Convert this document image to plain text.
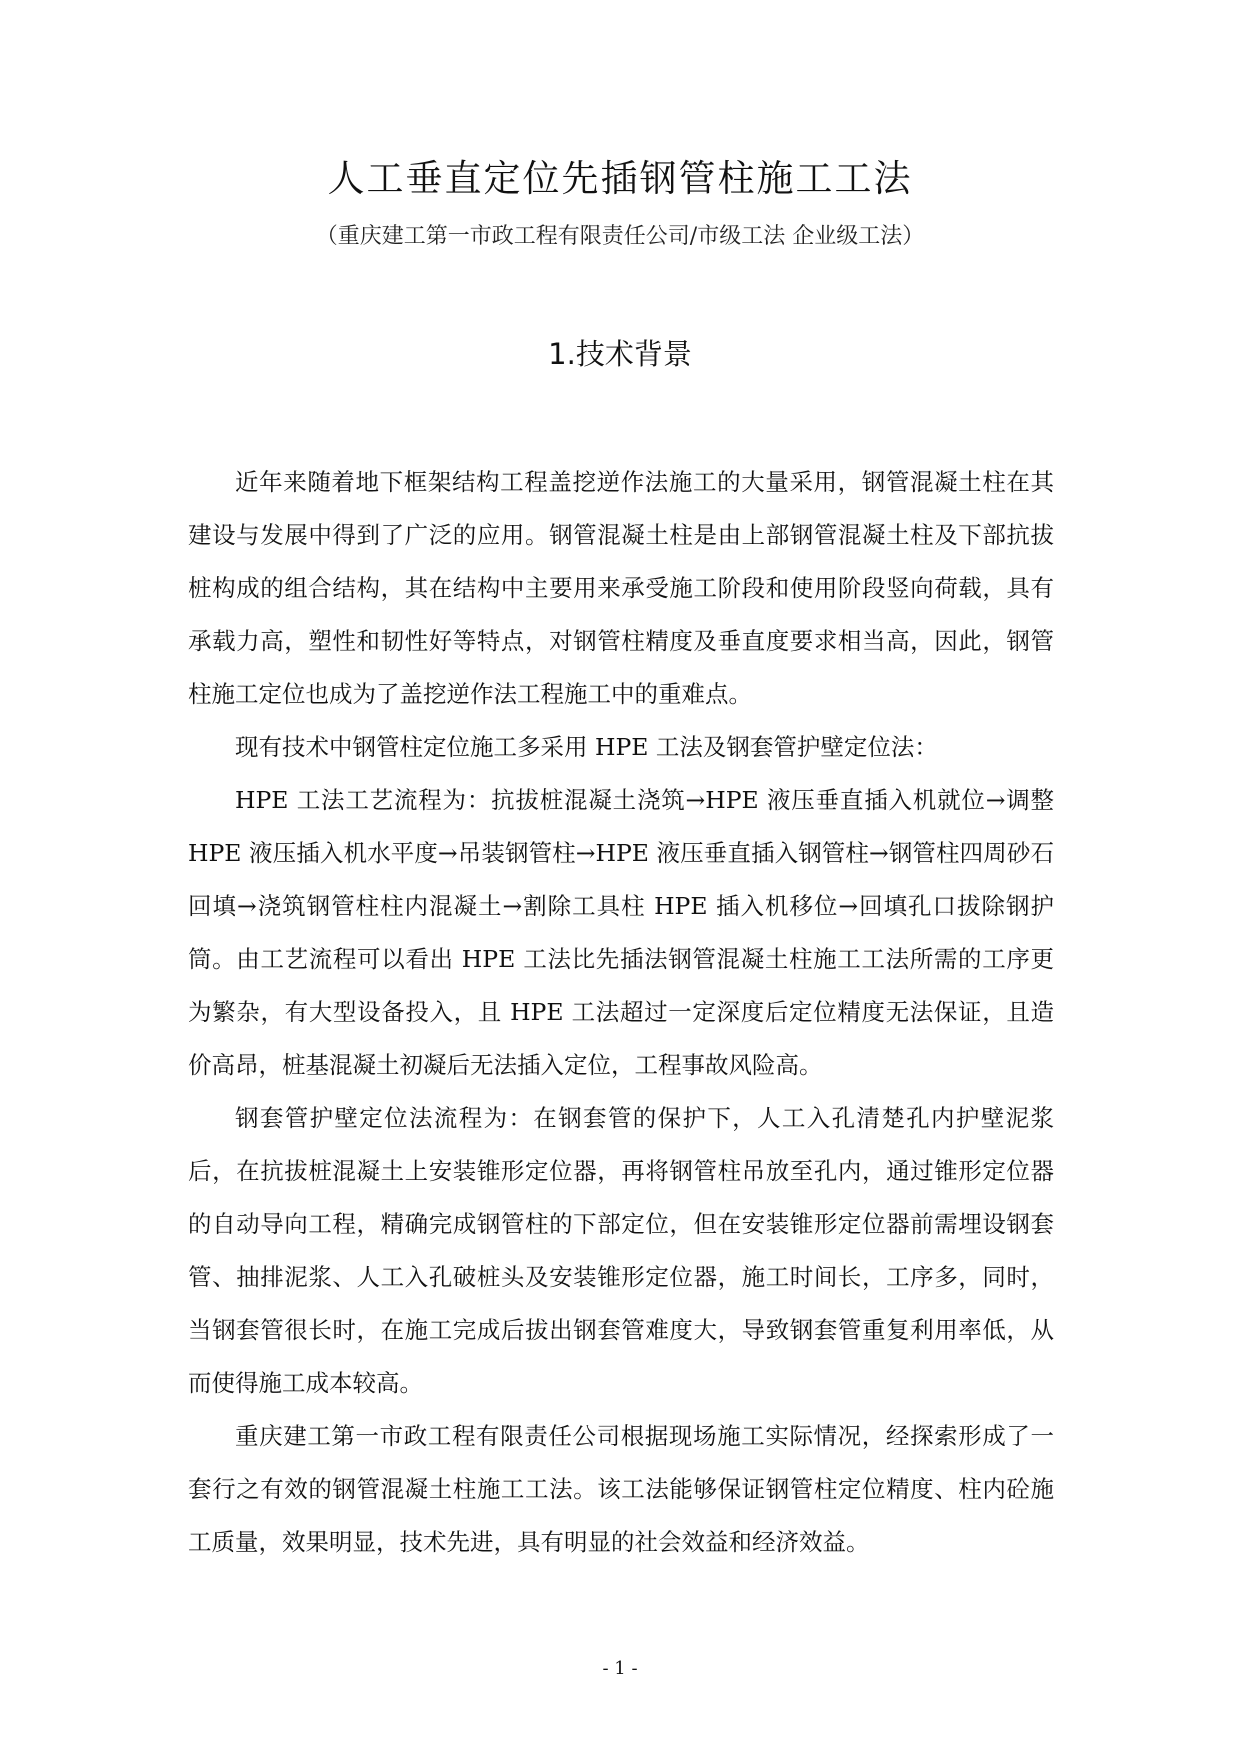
人工垂直定位先插钢管柱施工工法
（重庆建工第一市政工程有限责任公司/市级工法 企业级工法）
1.技术背景

近年来随着地下框架结构工程盖挖逆作法施工的大量采用，钢管混凝土柱在其建设与发展中得到了广泛的应用。钢管混凝土柱是由上部钢管混凝土柱及下部抗拔桩构成的组合结构，其在结构中主要用来承受施工阶段和使用阶段竖向荷载，具有承载力高，塑性和韧性好等特点，对钢管柱精度及垂直度要求相当高，因此，钢管柱施工定位也成为了盖挖逆作法工程施工中的重难点。

现有技术中钢管柱定位施工多采用 HPE 工法及钢套管护壁定位法：

HPE 工法工艺流程为：抗拔桩混凝土浇筑→HPE 液压垂直插入机就位→调整 HPE 液压插入机水平度→吊装钢管柱→HPE 液压垂直插入钢管柱→钢管柱四周砂石回填→浇筑钢管柱柱内混凝土→割除工具柱 HPE 插入机移位→回填孔口拔除钢护筒。由工艺流程可以看出 HPE 工法比先插法钢管混凝土柱施工工法所需的工序更为繁杂，有大型设备投入，且 HPE 工法超过一定深度后定位精度无法保证，且造价高昂，桩基混凝土初凝后无法插入定位，工程事故风险高。

钢套管护壁定位法流程为：在钢套管的保护下，人工入孔清楚孔内护壁泥浆后，在抗拔桩混凝土上安装锥形定位器，再将钢管柱吊放至孔内，通过锥形定位器的自动导向工程，精确完成钢管柱的下部定位，但在安装锥形定位器前需埋设钢套管、抽排泥浆、人工入孔破桩头及安装锥形定位器，施工时间长，工序多，同时，当钢套管很长时，在施工完成后拔出钢套管难度大，导致钢套管重复利用率低，从而使得施工成本较高。

重庆建工第一市政工程有限责任公司根据现场施工实际情况，经探索形成了一套行之有效的钢管混凝土柱施工工法。该工法能够保证钢管柱定位精度、柱内砼施工质量，效果明显，技术先进，具有明显的社会效益和经济效益。

- 1 -
